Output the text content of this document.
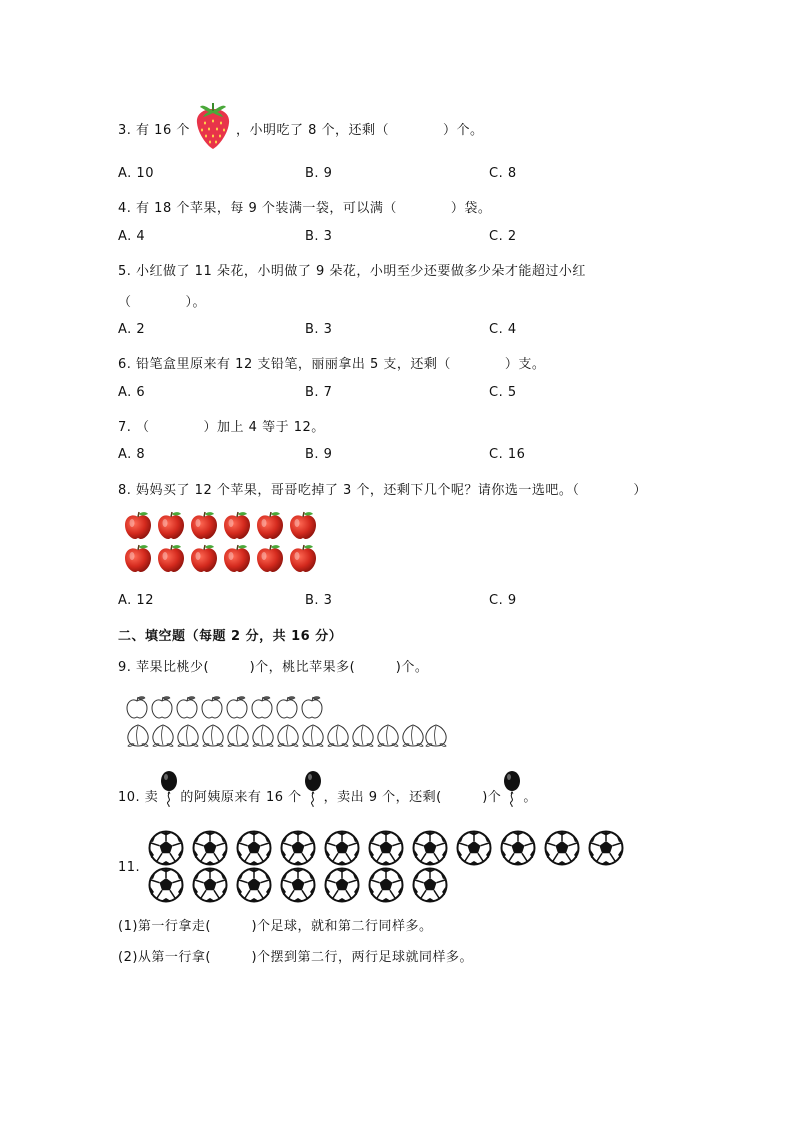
3. 有 16 个	，小明吃了 8 个，还剩（　　　　）个。
A. 10	B. 9	C. 8
4. 有 18 个苹果，每 9 个装满一袋，可以满（　　　　）袋。
A. 4	B. 3	C. 2
5. 小红做了 11 朵花，小明做了 9 朵花，小明至少还要做多少朵才能超过小红
（　　　　）。
A. 2	B. 3	C. 4
6. 铅笔盒里原来有 12 支铅笔，丽丽拿出 5 支，还剩（　　　　）支。
A. 6	B. 7	C. 5
7. （　　　　）加上 4 等于 12。
A. 8	B. 9	C. 16
8. 妈妈买了 12 个苹果，哥哥吃掉了 3 个，还剩下几个呢？请你选一选吧。（　　　　）
A. 12	B. 3	C. 9
二、填空题（每题 2 分，共 16 分）
9. 苹果比桃少(　　　)个，桃比苹果多(　　　)个。
10. 卖 的阿姨原来有 16 个 ，卖出 9 个，还剩(　　　)个 。
11.
(1)第一行拿走(　　　)个足球，就和第二行同样多。
(2)从第一行拿(　　　)个摆到第二行，两行足球就同样多。
